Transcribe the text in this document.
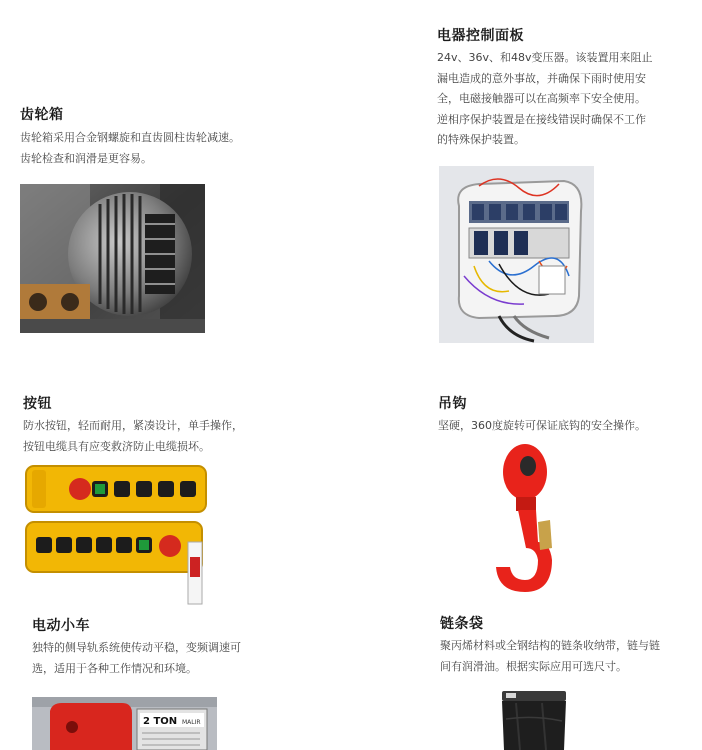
齿轮箱
齿轮箱采用合金钢螺旋和直齿圆柱齿轮减速。
齿轮检查和润滑是更容易。
电器控制面板
24v、36v、和48v变压器。该装置用来阻止
漏电造成的意外事故，并确保下雨时使用安
全，电磁接触器可以在高频率下安全使用。
逆相序保护装置是在接线错误时确保不工作
的特殊保护装置。
按钮
防水按钮，轻而耐用，紧凑设计，单手操作，
按钮电缆具有应变救济防止电缆损坏。
吊钩
坚硬，360度旋转可保证底钩的安全操作。
电动小车
独特的侧导轨系统使传动平稳，变频调速可
选，适用于各种工作情况和环境。
2 TON MALIR
链条袋
聚丙烯材料或全钢结构的链条收纳带，链与链
间有润滑油。根据实际应用可选尺寸。
